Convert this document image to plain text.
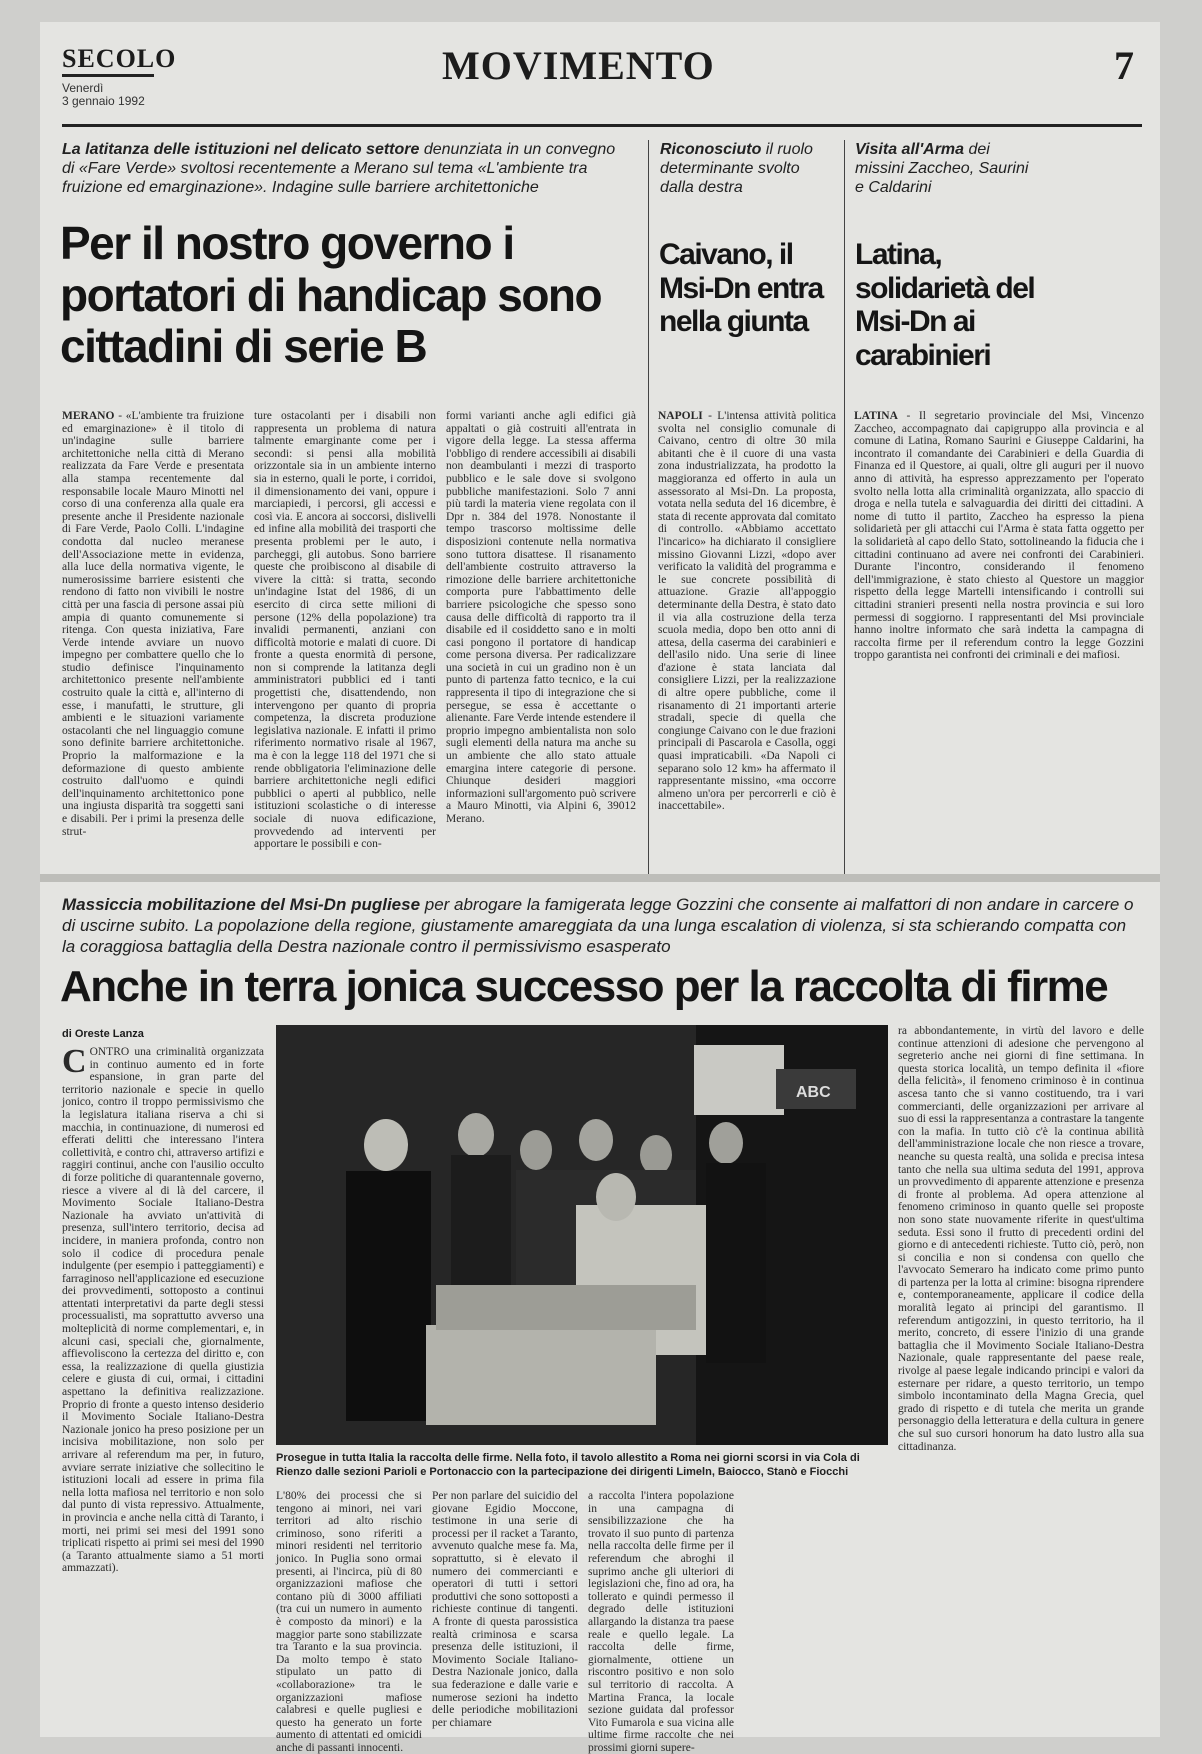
SECOLO
Venerdì
3 gennaio 1992
MOVIMENTO	7
La latitanza delle istituzioni nel delicato settore denunziata in un convegno di «Fare Verde» svoltosi recentemente a Merano sul tema «L'ambiente tra fruizione ed emarginazione». Indagine sulle barriere architettoniche
Per il nostro governo i portatori di handicap sono cittadini di serie B
Riconosciuto il ruolo determinante svolto dalla destra
Caivano, il Msi-Dn entra nella giunta
Visita all'Arma dei missini Zaccheo, Saurini e Caldarini
Latina, solidarietà del Msi-Dn ai carabinieri
MERANO - «L'ambiente tra fruizione ed emarginazione» è il titolo di un'indagine sulle barriere architettoniche nella città di Merano realizzata da Fare Verde e presentata alla stampa recentemente dal responsabile locale Mauro Minotti nel corso di una conferenza alla quale era presente anche il Presidente nazionale di Fare Verde, Paolo Colli. L'indagine condotta dal nucleo meranese dell'Associazione mette in evidenza, alla luce della normativa vigente, le numerosissime barriere esistenti che rendono di fatto non vivibili le nostre città per una fascia di persone assai più ampia di quanto comunemente si ritenga. Con questa iniziativa, Fare Verde intende avviare un nuovo impegno per combattere quello che lo studio definisce l'inquinamento architettonico presente nell'ambiente costruito quale la città e, all'interno di esse, i manufatti, le strutture, gli ambienti e le situazioni variamente ostacolanti che nel linguaggio comune sono definite barriere architettoniche. Proprio la malformazione e la deformazione di questo ambiente costruito dall'uomo e quindi dell'inquinamento architettonico pone una ingiusta disparità tra soggetti sani e disabili. Per i primi la presenza delle strut-
ture ostacolanti per i disabili non rappresenta un problema di natura talmente emarginante come per i secondi: si pensi alla mobilità orizzontale sia in un ambiente interno sia in esterno, quali le porte, i corridoi, il dimensionamento dei vani, oppure i marciapiedi, i percorsi, gli accessi e così via. E ancora ai soccorsi, dislivelli ed infine alla mobilità dei trasporti che presenta problemi per le auto, i parcheggi, gli autobus. Sono barriere queste che proibiscono al disabile di vivere la città: si tratta, secondo un'indagine Istat del 1986, di un esercito di circa sette milioni di persone (12% della popolazione) tra invalidi permanenti, anziani con difficoltà motorie e malati di cuore. Di fronte a questa enormità di persone, non si comprende la latitanza degli amministratori pubblici ed i tanti progettisti che, disattendendo, non intervengono per quanto di propria competenza, la discreta produzione legislativa nazionale. E infatti il primo riferimento normativo risale al 1967, ma è con la legge 118 del 1971 che si rende obbligatoria l'eliminazione delle barriere architettoniche negli edifici pubblici o aperti al pubblico, nelle istituzioni scolastiche o di interesse sociale di nuova edificazione, provvedendo ad interventi per apportare le possibili e con-
formi varianti anche agli edifici già appaltati o già costruiti all'entrata in vigore della legge. La stessa afferma l'obbligo di rendere accessibili ai disabili non deambulanti i mezzi di trasporto pubblico e le sale dove si svolgono pubbliche manifestazioni. Solo 7 anni più tardi la materia viene regolata con il Dpr n. 384 del 1978. Nonostante il tempo trascorso moltissime delle disposizioni contenute nella normativa sono tuttora disattese. Il risanamento dell'ambiente costruito attraverso la rimozione delle barriere architettoniche comporta pure l'abbattimento delle barriere psicologiche che spesso sono causa delle difficoltà di rapporto tra il disabile ed il cosiddetto sano e in molti casi pongono il portatore di handicap come persona diversa. Per radicalizzare una società in cui un gradino non è un punto di partenza fatto tecnico, e la cui rappresenta il tipo di integrazione che si persegue, se essa è accettante o alienante. Fare Verde intende estendere il proprio impegno ambientalista non solo sugli elementi della natura ma anche su un ambiente che allo stato attuale emargina intere categorie di persone. Chiunque desideri maggiori informazioni sull'argomento può scrivere a Mauro Minotti, via Alpini 6, 39012 Merano.
NAPOLI - L'intensa attività politica svolta nel consiglio comunale di Caivano, centro di oltre 30 mila abitanti che è il cuore di una vasta zona industrializzata, ha prodotto la maggioranza ed offerto in aula un assessorato al Msi-Dn. La proposta, votata nella seduta del 16 dicembre, è stata di recente approvata dal comitato di controllo. «Abbiamo accettato l'incarico» ha dichiarato il consigliere missino Giovanni Lizzi, «dopo aver verificato la validità del programma e le sue concrete possibilità di attuazione. Grazie all'appoggio determinante della Destra, è stato dato il via alla costruzione della terza scuola media, dopo ben otto anni di attesa, della caserma dei carabinieri e dell'asilo nido. Una serie di linee d'azione è stata lanciata dal consigliere Lizzi, per la realizzazione di altre opere pubbliche, come il risanamento di 21 importanti arterie stradali, specie di quella che congiunge Caivano con le due frazioni principali di Pascarola e Casolla, oggi quasi impraticabili. «Da Napoli ci separano solo 12 km» ha affermato il rappresentante missino, «ma occorre almeno un'ora per percorrerli e ciò è inaccettabile».
LATINA - Il segretario provinciale del Msi, Vincenzo Zaccheo, accompagnato dai capigruppo alla provincia e al comune di Latina, Romano Saurini e Giuseppe Caldarini, ha incontrato il comandante dei Carabinieri e della Guardia di Finanza ed il Questore, ai quali, oltre gli auguri per il nuovo anno di attività, ha espresso apprezzamento per l'operato svolto nella lotta alla criminalità organizzata, allo spaccio di droga e nella tutela e salvaguardia dei diritti dei cittadini. A nome di tutto il partito, Zaccheo ha espresso la piena solidarietà per gli attacchi cui l'Arma è stata fatta oggetto per la solidarietà al capo dello Stato, sottolineando la fiducia che i cittadini continuano ad avere nei confronti dei Carabinieri. Durante l'incontro, considerando il fenomeno dell'immigrazione, è stato chiesto al Questore un maggior rispetto della legge Martelli intensificando i controlli sui cittadini stranieri presenti nella nostra provincia e sui loro permessi di soggiorno. I rappresentanti del Msi provinciale hanno inoltre informato che sarà indetta la campagna di raccolta firme per il referendum contro la legge Gozzini troppo garantista nei confronti dei criminali e dei mafiosi.
Massiccia mobilitazione del Msi-Dn pugliese per abrogare la famigerata legge Gozzini che consente ai malfattori di non andare in carcere o di uscirne subito. La popolazione della regione, giustamente amareggiata da una lunga escalation di violenza, si sta schierando compatta con la coraggiosa battaglia della Destra nazionale contro il permissivismo esasperato
Anche in terra jonica successo per la raccolta di firme
di Oreste Lanza
CONTRO una criminalità organizzata in continuo aumento ed in forte espansione, in gran parte del territorio nazionale e specie in quello jonico, contro il troppo permissivismo che la legislatura italiana riserva a chi si macchia, in continuazione, di numerosi ed efferati delitti che interessano l'intera collettività, e contro chi, attraverso artifizi e raggiri continui, anche con l'ausilio occulto di forze politiche di quarantennale governo, riesce a vivere al di là del carcere, il Movimento Sociale Italiano-Destra Nazionale ha avviato un'attività di presenza, sull'intero territorio, decisa ad incidere, in maniera profonda, contro non solo il codice di procedura penale indulgente (per esempio i patteggiamenti) e farraginoso nell'applicazione ed esecuzione dei provvedimenti, sottoposto a continui attentati interpretativi da parte degli stessi processualisti, ma soprattutto avverso una molteplicità di norme complementari, e, in alcuni casi, speciali che, giornalmente, affievoliscono la certezza del diritto e, con essa, la realizzazione di quella giustizia celere e giusta di cui, ormai, i cittadini aspettano la definitiva realizzazione. Proprio di fronte a questo intenso desiderio il Movimento Sociale Italiano-Destra Nazionale jonico ha preso posizione per un incisiva mobilitazione, non solo per arrivare al referendum ma per, in futuro, avviare serrate iniziative che sollecitino le istituzioni locali ad essere in prima fila nella lotta mafiosa nel territorio e non solo dal punto di vista repressivo. Attualmente, in provincia e anche nella città di Taranto, i morti, nei primi sei mesi del 1991 sono triplicati rispetto ai primi sei mesi del 1990 (a Taranto attualmente siamo a 51 morti ammazzati).
ABC
Prosegue in tutta Italia la raccolta delle firme. Nella foto, il tavolo allestito a Roma nei giorni scorsi in via Cola di Rienzo dalle sezioni Parioli e Portonaccio con la partecipazione dei dirigenti Limeln, Baiocco, Stanò e Fiocchi
L'80% dei processi che si tengono ai minori, nei vari territori ad alto rischio criminoso, sono riferiti a minori residenti nel territorio jonico. In Puglia sono ormai presenti, ai l'incirca, più di 80 organizzazioni mafiose che contano più di 3000 affiliati (tra cui un numero in aumento è composto da minori) e la maggior parte sono stabilizzate tra Taranto e la sua provincia. Da molto tempo è stato stipulato un patto di «collaborazione» tra le organizzazioni mafiose calabresi e quelle pugliesi e questo ha generato un forte aumento di attentati ed omicidi anche di passanti innocenti.
Per non parlare del suicidio del giovane Egidio Moccone, testimone in una serie di processi per il racket a Taranto, avvenuto qualche mese fa. Ma, soprattutto, si è elevato il numero dei commercianti e operatori di tutti i settori produttivi che sono sottoposti a richieste continue di tangenti. A fronte di questa parossistica realtà criminosa e scarsa presenza delle istituzioni, il Movimento Sociale Italiano-Destra Nazionale jonico, dalla sua federazione e dalle varie e numerose sezioni ha indetto delle periodiche mobilitazioni per chiamare
a raccolta l'intera popolazione in una campagna di sensibilizzazione che ha trovato il suo punto di partenza nella raccolta delle firme per il referendum che abroghi il suprimo anche gli ulteriori di legislazioni che, fino ad ora, ha tollerato e quindi permesso il degrado delle istituzioni allargando la distanza tra paese reale e quello legale. La raccolta delle firme, giornalmente, ottiene un riscontro positivo e non solo sul territorio di raccolta. A Martina Franca, la locale sezione guidata dal professor Vito Fumarola e sua vicina alle ultime firme raccolte che nei prossimi giorni supere-
ra abbondantemente, in virtù del lavoro e delle continue attenzioni di adesione che pervengono al segreterio anche nei giorni di fine settimana. In questa storica località, un tempo definita il «fiore della felicità», il fenomeno criminoso è in continua ascesa tanto che si vanno costituendo, tra i vari commercianti, delle organizzazioni per arrivare al suo di essi la rappresentanza a contrastare la tangente con la mafia. In tutto ciò c'è la continua abilità dell'amministrazione locale che non riesce a trovare, neanche su questa realtà, una solida e precisa intesa tanto che nella sua ultima seduta del 1991, approva un provvedimento di apparente attenzione e presenza di fronte al problema. Ad opera attenzione al fenomeno criminoso in quanto quelle sei proposte non sono state nuovamente riferite in quest'ultima seduta. Essi sono il frutto di precedenti ordini del giorno e di antecedenti richieste. Tutto ciò, però, non si concilia e non si condensa con quello che l'avvocato Semeraro ha indicato come primo punto di partenza per la lotta al crimine: bisogna riprendere e, contemporaneamente, applicare il codice della moralità legato ai principi del garantismo. Il referendum antigozzini, in questo territorio, ha il merito, concreto, di essere l'inizio di una grande battaglia che il Movimento Sociale Italiano-Destra Nazionale, quale rappresentante del paese reale, rivolge al paese legale indicando principi e valori da esternare per ridare, a questo territorio, un tempo simbolo incontaminato della Magna Grecia, quel grado di rispetto e di tutela che merita un grande personaggio della letteratura e della cultura in genere che sul suo cursori honorum ha dato lustro alla sua cittadinanza.
